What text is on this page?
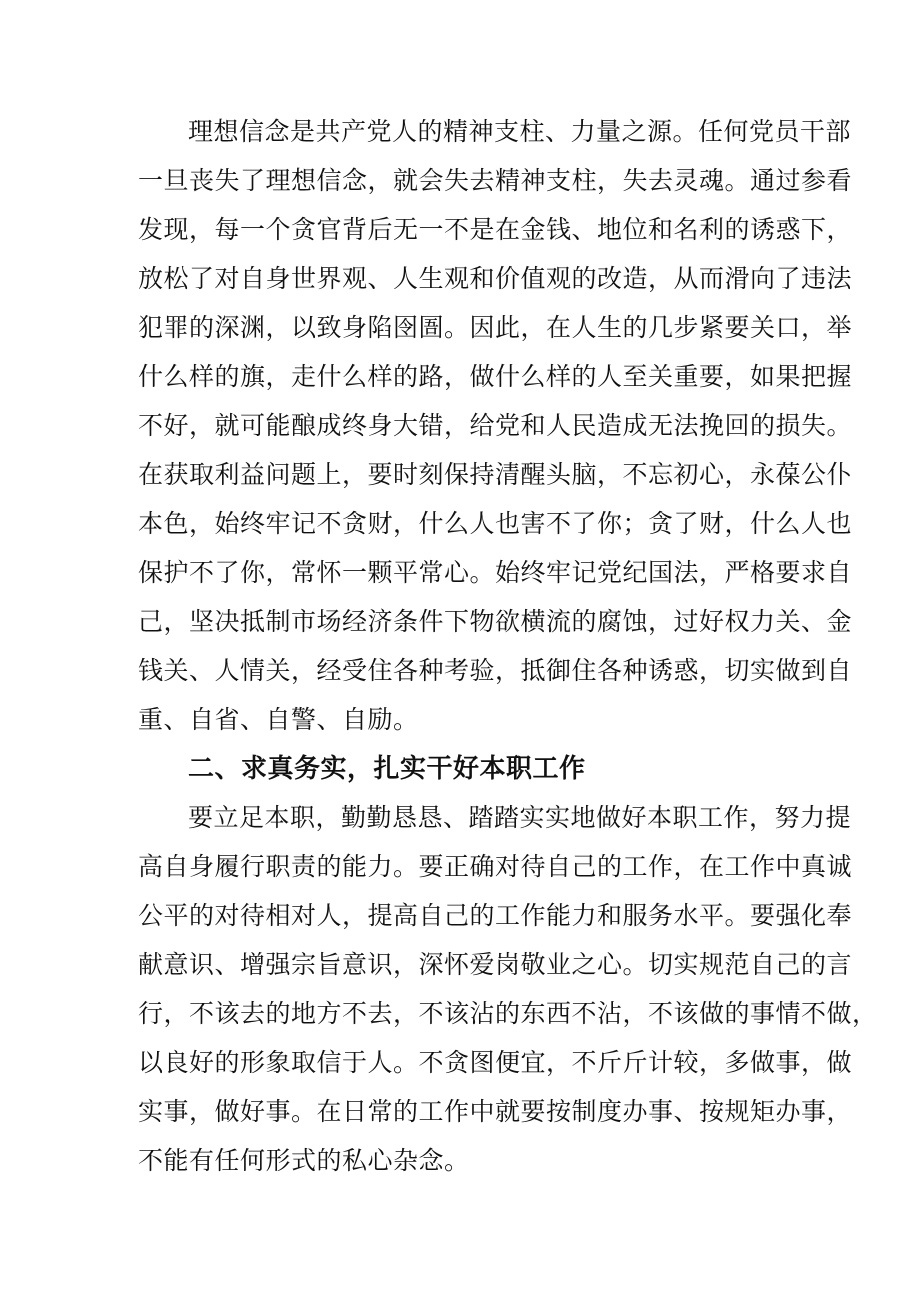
理想信念是共产党人的精神支柱、力量之源。任何党员干部
一旦丧失了理想信念，就会失去精神支柱，失去灵魂。通过参看
发现，每一个贪官背后无一不是在金钱、地位和名利的诱惑下，
放松了对自身世界观、人生观和价值观的改造，从而滑向了违法
犯罪的深渊，以致身陷囹圄。因此，在人生的几步紧要关口，举
什么样的旗，走什么样的路，做什么样的人至关重要，如果把握
不好，就可能酿成终身大错，给党和人民造成无法挽回的损失。
在获取利益问题上，要时刻保持清醒头脑，不忘初心，永葆公仆
本色，始终牢记不贪财，什么人也害不了你；贪了财，什么人也
保护不了你，常怀一颗平常心。始终牢记党纪国法，严格要求自
己，坚决抵制市场经济条件下物欲横流的腐蚀，过好权力关、金
钱关、人情关，经受住各种考验，抵御住各种诱惑，切实做到自
重、自省、自警、自励。
二、求真务实，扎实干好本职工作
要立足本职，勤勤恳恳、踏踏实实地做好本职工作，努力提
高自身履行职责的能力。要正确对待自己的工作，在工作中真诚
公平的对待相对人，提高自己的工作能力和服务水平。要强化奉
献意识、增强宗旨意识，深怀爱岗敬业之心。切实规范自己的言
行，不该去的地方不去，不该沾的东西不沾，不该做的事情不做，
以良好的形象取信于人。不贪图便宜，不斤斤计较，多做事，做
实事，做好事。在日常的工作中就要按制度办事、按规矩办事，
不能有任何形式的私心杂念。
